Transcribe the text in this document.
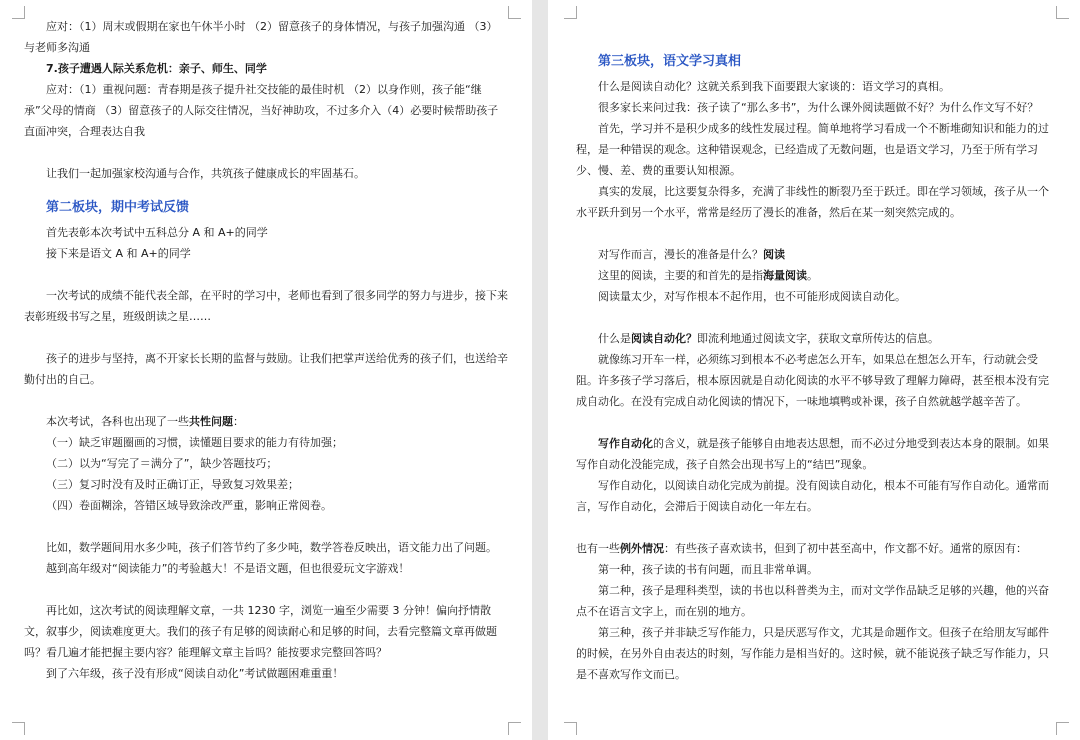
应对：（1）周末或假期在家也午休半小时 （2）留意孩子的身体情况，与孩子加强沟通 （3）与老师多沟通

7.孩子遭遇人际关系危机：亲子、师生、同学

应对：（1）重视问题：青春期是孩子提升社交技能的最佳时机 （2）以身作则，孩子能“继承”父母的情商 （3）留意孩子的人际交往情况，当好神助攻，不过多介入（4）必要时候帮助孩子直面冲突，合理表达自我

让我们一起加强家校沟通与合作，共筑孩子健康成长的牢固基石。

第二板块，期中考试反馈

首先表彰本次考试中五科总分 A 和 A+的同学

接下来是语文 A 和 A+的同学

一次考试的成绩不能代表全部，在平时的学习中，老师也看到了很多同学的努力与进步，接下来表彰班级书写之星，班级朗读之星……

孩子的进步与坚持，离不开家长长期的监督与鼓励。让我们把掌声送给优秀的孩子们，也送给辛勤付出的自己。

本次考试，各科也出现了一些共性问题：

（一）缺乏审题圈画的习惯，读懂题目要求的能力有待加强；

（二）以为“写完了＝满分了”，缺少答题技巧；

（三）复习时没有及时正确订正，导致复习效果差；

（四）卷面糊涂，答错区域导致涂改严重，影响正常阅卷。

比如，数学题间用水多少吨，孩子们答节约了多少吨，数学答卷反映出，语文能力出了问题。

越到高年级对“阅读能力”的考验越大！不是语文题，但也很爱玩文字游戏！

再比如，这次考试的阅读理解文章，一共 1230 字，浏览一遍至少需要 3 分钟！偏向抒情散文，叙事少，阅读难度更大。我们的孩子有足够的阅读耐心和足够的时间，去看完整篇文章再做题吗？看几遍才能把握主要内容？能理解文章主旨吗？能按要求完整回答吗？

到了六年级，孩子没有形成“阅读自动化”考试做题困难重重！

第三板块，语文学习真相

什么是阅读自动化？这就关系到我下面要跟大家谈的：语文学习的真相。

很多家长来问过我：孩子读了“那么多书”，为什么课外阅读题做不好？为什么作文写不好？

首先，学习并不是积少成多的线性发展过程。简单地将学习看成一个不断堆砌知识和能力的过程，是一种错误的观念。这种错误观念，已经造成了无数问题，也是语文学习，乃至于所有学习少、慢、差、费的重要认知根源。

真实的发展，比这要复杂得多，充满了非线性的断裂乃至于跃迁。即在学习领域，孩子从一个水平跃升到另一个水平，常常是经历了漫长的准备，然后在某一刻突然完成的。

对写作而言，漫长的准备是什么？阅读

这里的阅读，主要的和首先的是指海量阅读。

阅读量太少，对写作根本不起作用，也不可能形成阅读自动化。

什么是阅读自动化？即流利地通过阅读文字，获取文章所传达的信息。

就像练习开车一样，必须练习到根本不必考虑怎么开车，如果总在想怎么开车，行动就会受阻。许多孩子学习落后，根本原因就是自动化阅读的水平不够导致了理解力障碍，甚至根本没有完成自动化。在没有完成自动化阅读的情况下，一味地填鸭或补课，孩子自然就越学越辛苦了。

写作自动化的含义，就是孩子能够自由地表达思想，而不必过分地受到表达本身的限制。如果写作自动化没能完成，孩子自然会出现书写上的“结巴”现象。

写作自动化，以阅读自动化完成为前提。没有阅读自动化，根本不可能有写作自动化。通常而言，写作自动化，会滞后于阅读自动化一年左右。

也有一些例外情况：有些孩子喜欢读书，但到了初中甚至高中，作文都不好。通常的原因有：

第一种，孩子读的书有问题，而且非常单调。

第二种，孩子是理科类型，读的书也以科普类为主，而对文学作品缺乏足够的兴趣，他的兴奋点不在语言文字上，而在别的地方。

第三种，孩子并非缺乏写作能力，只是厌恶写作文，尤其是命题作文。但孩子在给朋友写邮件的时候，在另外自由表达的时刻，写作能力是相当好的。这时候，就不能说孩子缺乏写作能力，只是不喜欢写作文而已。
